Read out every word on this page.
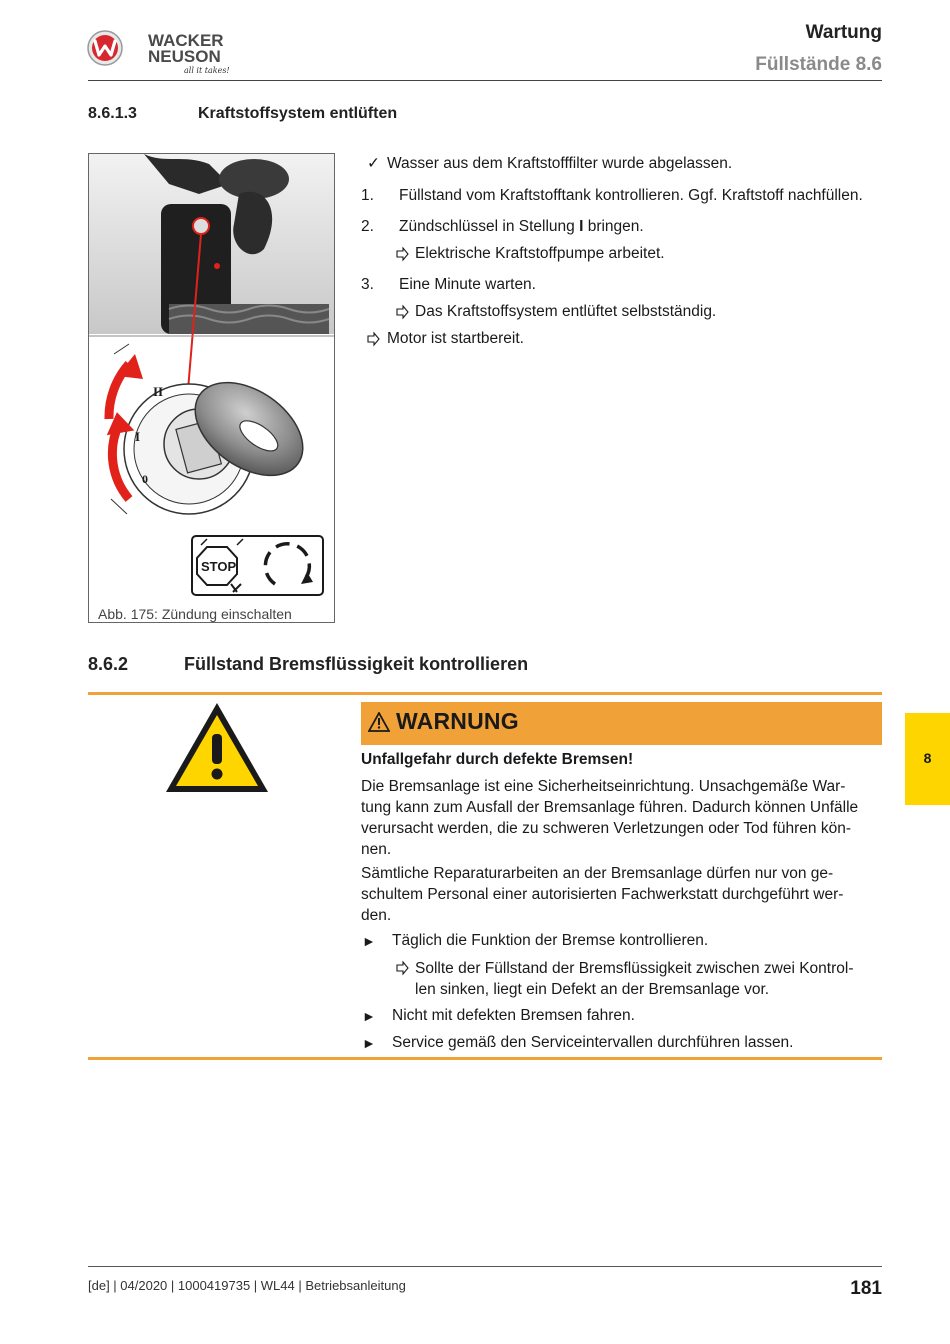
WACKER
NEUSON
all it takes!
Wartung
Füllstände 8.6
8.6.1.3	Kraftstoffsystem entlüften
II
I
0
STOP
Abb. 175: Zündung einschalten
✓ Wasser aus dem Kraftstofffilter wurde abgelassen.
1. Füllstand vom Kraftstofftank kontrollieren. Ggf. Kraftstoff nachfüllen.
2. Zündschlüssel in Stellung I bringen.
Elektrische Kraftstoffpumpe arbeitet.
3. Eine Minute warten.
Das Kraftstoffsystem entlüftet selbstständig.
Motor ist startbereit.
8.6.2	Füllstand Bremsflüssigkeit kontrollieren
WARNUNG
Unfallgefahr durch defekte Bremsen!
Die Bremsanlage ist eine Sicherheitseinrichtung. Unsachgemäße War-
tung kann zum Ausfall der Bremsanlage führen. Dadurch können Unfälle
verursacht werden, die zu schweren Verletzungen oder Tod führen kön-
nen.
Sämtliche Reparaturarbeiten an der Bremsanlage dürfen nur von ge-
schultem Personal einer autorisierten Fachwerkstatt durchgeführt wer-
den.
► Täglich die Funktion der Bremse kontrollieren.
Sollte der Füllstand der Bremsflüssigkeit zwischen zwei Kontrol-
len sinken, liegt ein Defekt an der Bremsanlage vor.
► Nicht mit defekten Bremsen fahren.
► Service gemäß den Serviceintervallen durchführen lassen.
8
[de] | 04/2020 | 1000419735 | WL44 | Betriebsanleitung	181
